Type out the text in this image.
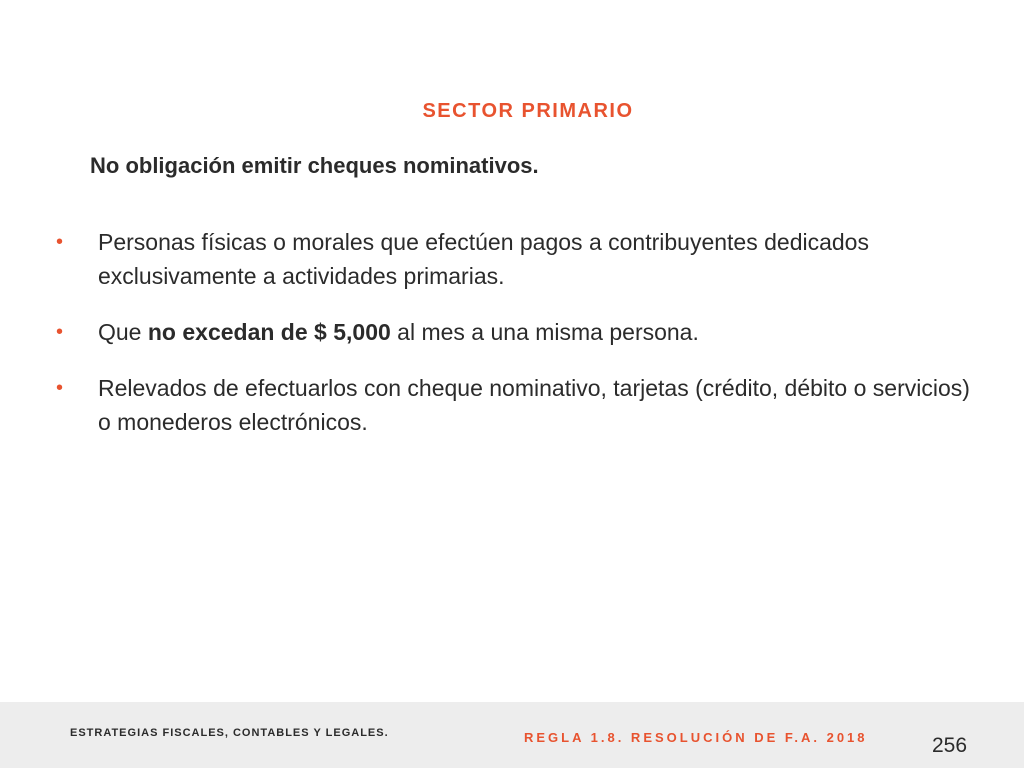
SECTOR PRIMARIO
No obligación emitir cheques nominativos.
• Personas físicas o morales que efectúen pagos a contribuyentes dedicados exclusivamente a actividades primarias.
• Que no excedan de $ 5,000 al mes a una misma persona.
• Relevados de efectuarlos con cheque nominativo, tarjetas (crédito, débito o servicios) o monederos electrónicos.
ESTRATEGIAS FISCALES, CONTABLES Y LEGALES.	REGLA 1.8. RESOLUCIÓN DE F.A. 2018	256
